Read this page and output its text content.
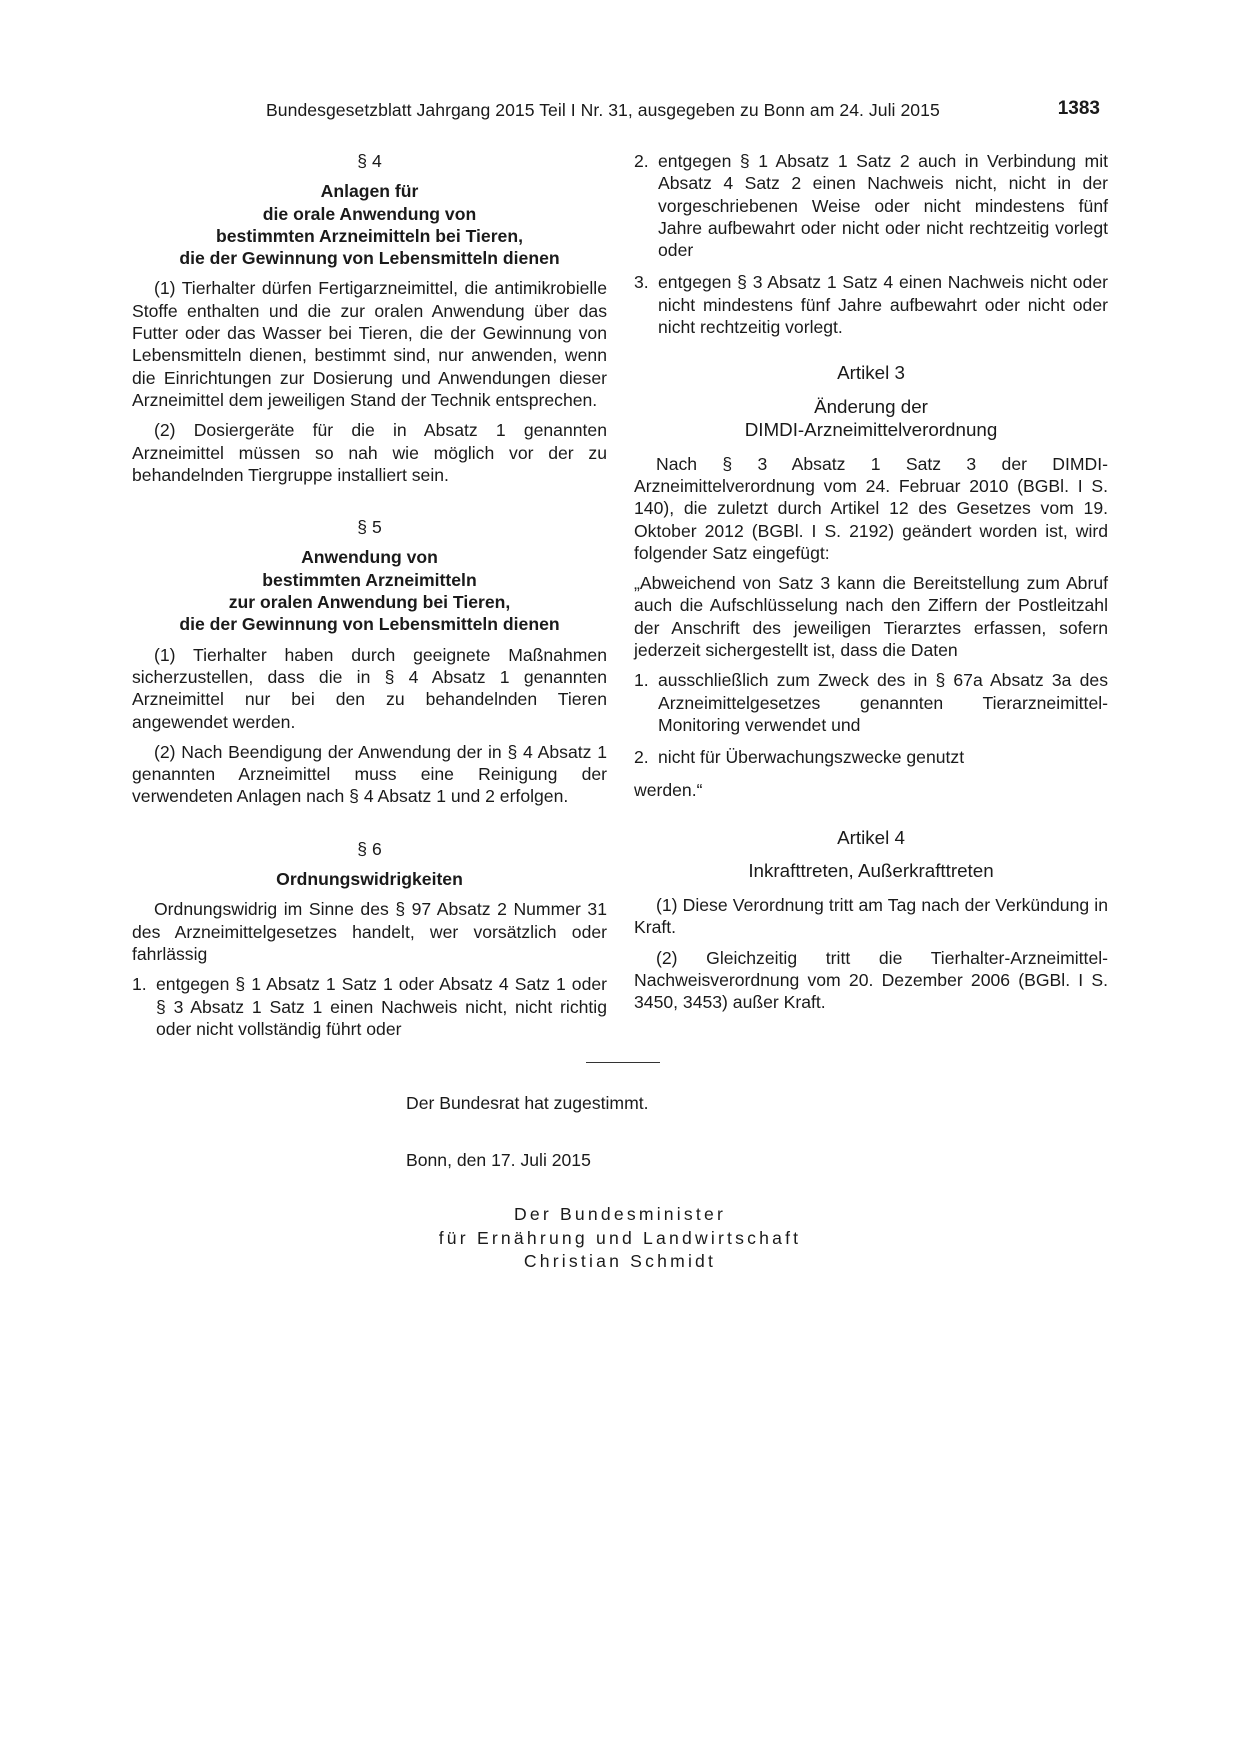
Bundesgesetzblatt Jahrgang 2015 Teil I Nr. 31, ausgegeben zu Bonn am 24. Juli 2015	1383
§ 4
Anlagen für
die orale Anwendung von
bestimmten Arzneimitteln bei Tieren,
die der Gewinnung von Lebensmitteln dienen

(1) Tierhalter dürfen Fertigarzneimittel, die antimikrobielle Stoffe enthalten und die zur oralen Anwendung über das Futter oder das Wasser bei Tieren, die der Gewinnung von Lebensmitteln dienen, bestimmt sind, nur anwenden, wenn die Einrichtungen zur Dosierung und Anwendungen dieser Arzneimittel dem jeweiligen Stand der Technik entsprechen.

(2) Dosiergeräte für die in Absatz 1 genannten Arzneimittel müssen so nah wie möglich vor der zu behandelnden Tiergruppe installiert sein.

§ 5
Anwendung von
bestimmten Arzneimitteln
zur oralen Anwendung bei Tieren,
die der Gewinnung von Lebensmitteln dienen

(1) Tierhalter haben durch geeignete Maßnahmen sicherzustellen, dass die in § 4 Absatz 1 genannten Arzneimittel nur bei den zu behandelnden Tieren angewendet werden.

(2) Nach Beendigung der Anwendung der in § 4 Absatz 1 genannten Arzneimittel muss eine Reinigung der verwendeten Anlagen nach § 4 Absatz 1 und 2 erfolgen.

§ 6
Ordnungswidrigkeiten

Ordnungswidrig im Sinne des § 97 Absatz 2 Nummer 31 des Arzneimittelgesetzes handelt, wer vorsätzlich oder fahrlässig

1. entgegen § 1 Absatz 1 Satz 1 oder Absatz 4 Satz 1 oder § 3 Absatz 1 Satz 1 einen Nachweis nicht, nicht richtig oder nicht vollständig führt oder
2. entgegen § 1 Absatz 1 Satz 2 auch in Verbindung mit Absatz 4 Satz 2 einen Nachweis nicht, nicht in der vorgeschriebenen Weise oder nicht mindestens fünf Jahre aufbewahrt oder nicht oder nicht rechtzeitig vorlegt oder
3. entgegen § 3 Absatz 1 Satz 4 einen Nachweis nicht oder nicht mindestens fünf Jahre aufbewahrt oder nicht oder nicht rechtzeitig vorlegt.
Artikel 3
Änderung der
DIMDI-Arzneimittelverordnung

Nach § 3 Absatz 1 Satz 3 der DIMDI-Arzneimittelverordnung vom 24. Februar 2010 (BGBl. I S. 140), die zuletzt durch Artikel 12 des Gesetzes vom 19. Oktober 2012 (BGBl. I S. 2192) geändert worden ist, wird folgender Satz eingefügt:

„Abweichend von Satz 3 kann die Bereitstellung zum Abruf auch die Aufschlüsselung nach den Ziffern der Postleitzahl der Anschrift des jeweiligen Tierarztes erfassen, sofern jederzeit sichergestellt ist, dass die Daten

1. ausschließlich zum Zweck des in § 67a Absatz 3a des Arzneimittelgesetzes genannten Tierarzneimittel-Monitoring verwendet und
2. nicht für Überwachungszwecke genutzt

werden.“

Artikel 4
Inkrafttreten, Außerkrafttreten

(1) Diese Verordnung tritt am Tag nach der Verkündung in Kraft.

(2) Gleichzeitig tritt die Tierhalter-Arzneimittel-Nachweisverordnung vom 20. Dezember 2006 (BGBl. I S. 3450, 3453) außer Kraft.

Der Bundesrat hat zugestimmt.
Bonn, den 17. Juli 2015
Der Bundesminister
für Ernährung und Landwirtschaft
Christian Schmidt
